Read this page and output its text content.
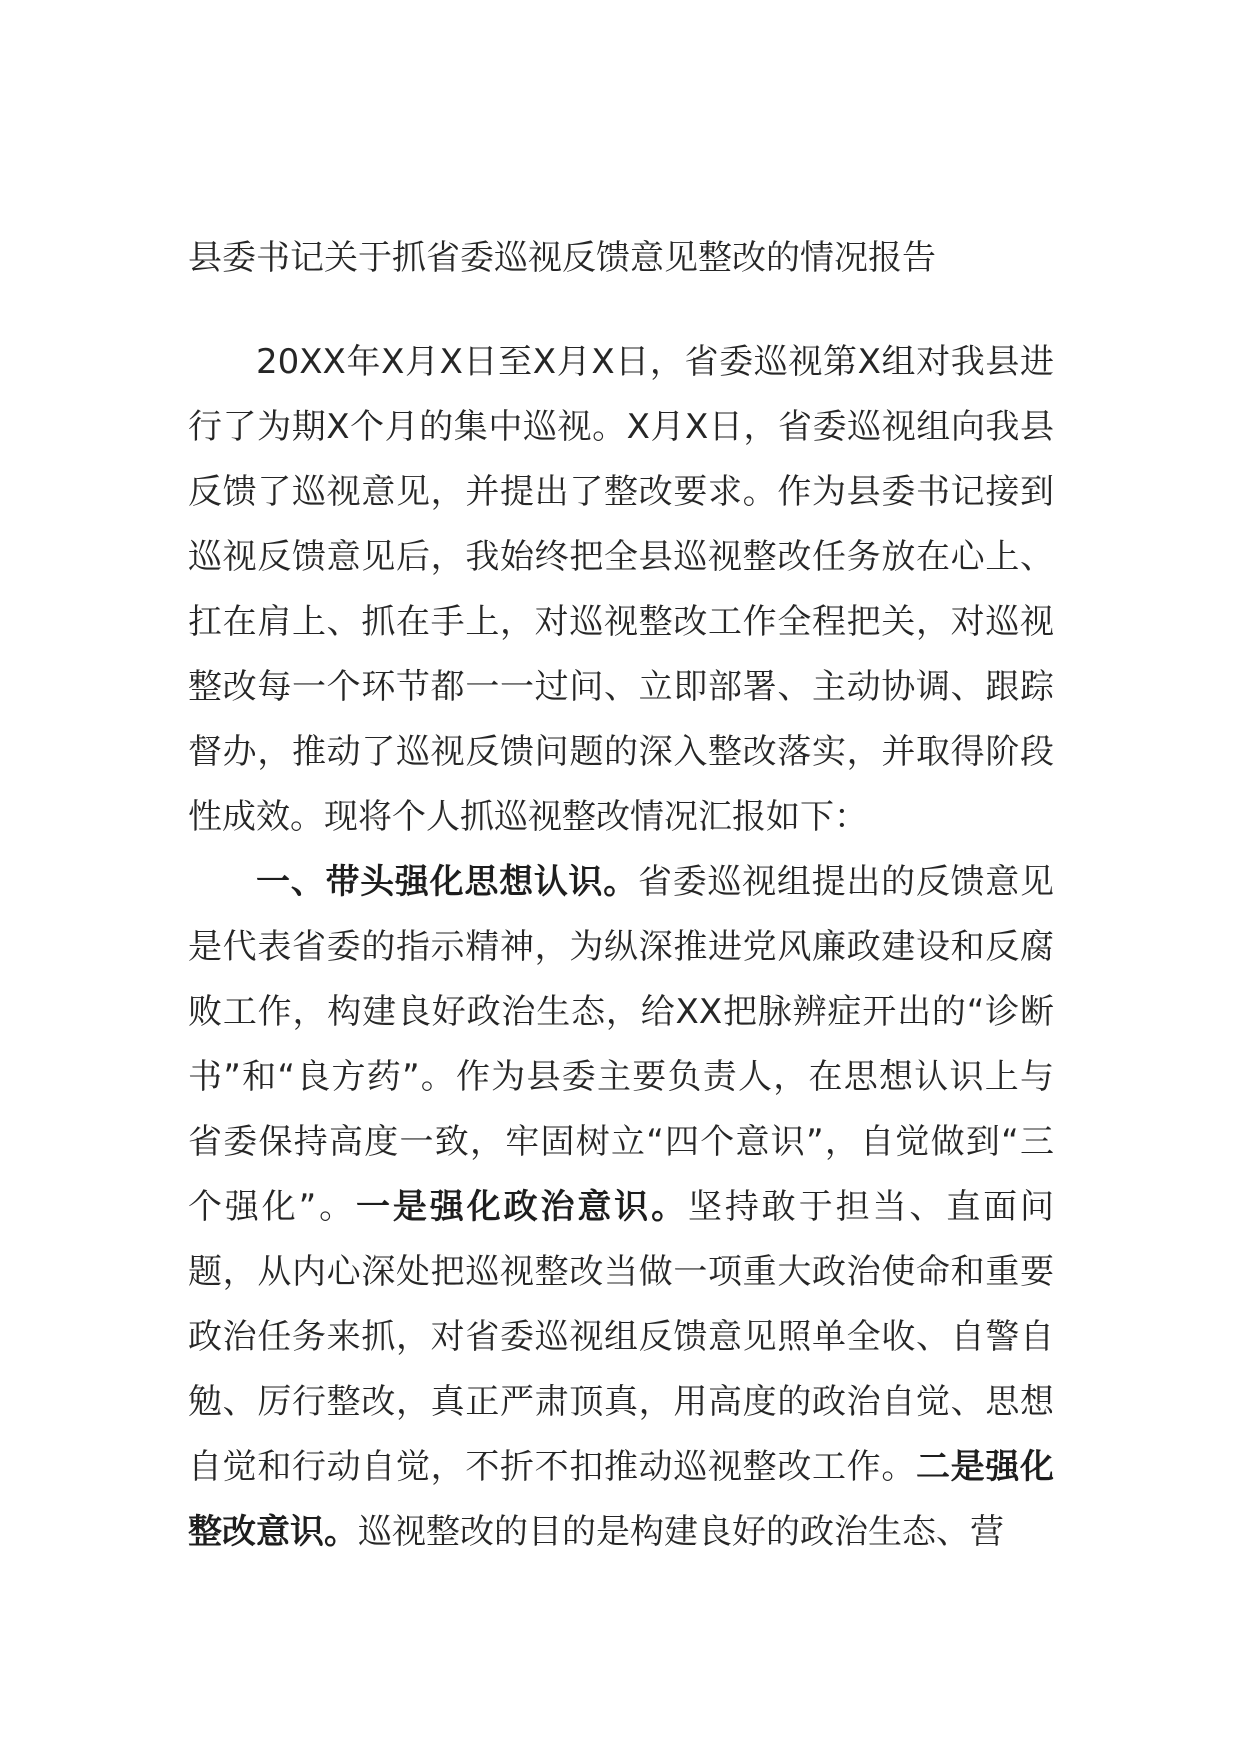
县委书记关于抓省委巡视反馈意见整改的情况报告

20XX年X月X日至X月X日，省委巡视第X组对我县进行了为期X个月的集中巡视。X月X日，省委巡视组向我县反馈了巡视意见，并提出了整改要求。作为县委书记接到巡视反馈意见后，我始终把全县巡视整改任务放在心上、扛在肩上、抓在手上，对巡视整改工作全程把关，对巡视整改每一个环节都一一过问、立即部署、主动协调、跟踪督办，推动了巡视反馈问题的深入整改落实，并取得阶段性成效。现将个人抓巡视整改情况汇报如下：

一、带头强化思想认识。省委巡视组提出的反馈意见是代表省委的指示精神，为纵深推进党风廉政建设和反腐败工作，构建良好政治生态，给XX把脉辨症开出的“诊断书”和“良方药”。作为县委主要负责人，在思想认识上与省委保持高度一致，牢固树立“四个意识”，自觉做到“三个强化”。一是强化政治意识。坚持敢于担当、直面问题，从内心深处把巡视整改当做一项重大政治使命和重要政治任务来抓，对省委巡视组反馈意见照单全收、自警自勉、厉行整改，真正严肃顶真，用高度的政治自觉、思想自觉和行动自觉，不折不扣推动巡视整改工作。二是强化整改意识。巡视整改的目的是构建良好的政治生态、营
